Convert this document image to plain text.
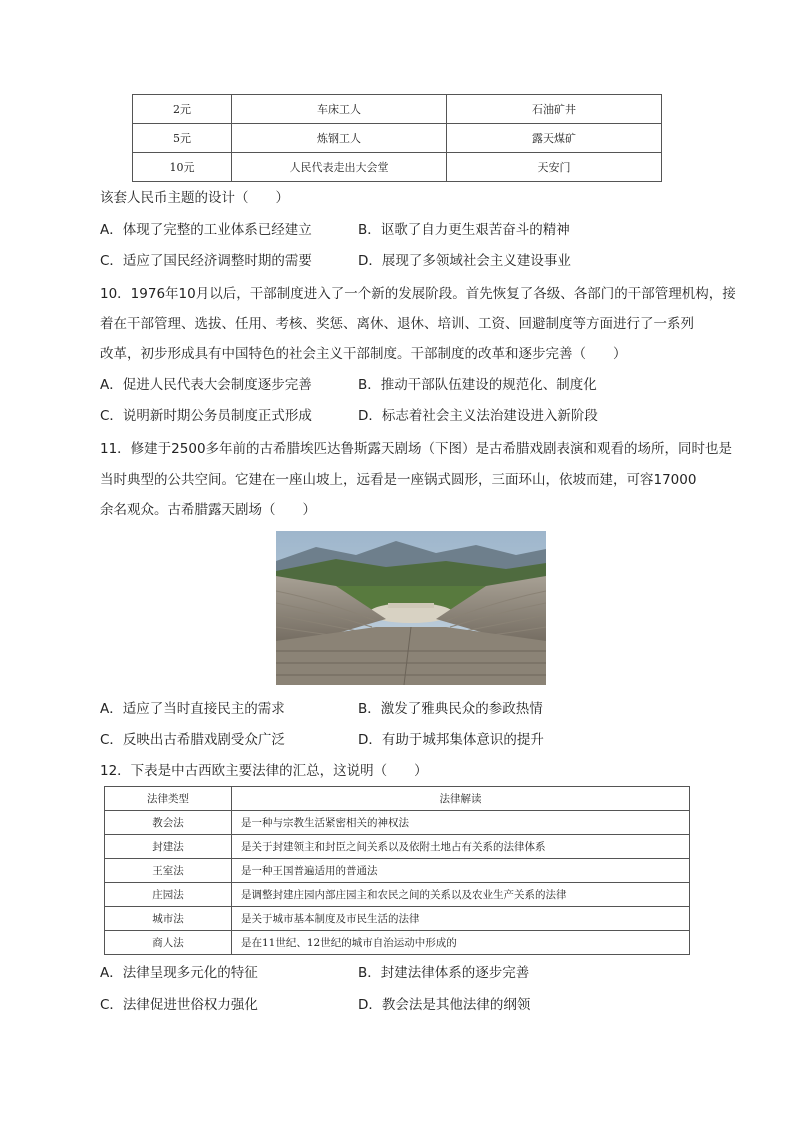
2元	车床工人	石油矿井
5元	炼钢工人	露天煤矿
10元	人民代表走出大会堂	天安门
该套人民币主题的设计（　　）
A．体现了完整的工业体系已经建立	B．讴歌了自力更生艰苦奋斗的精神
C．适应了国民经济调整时期的需要	D．展现了多领域社会主义建设事业
10．1976年10月以后，干部制度进入了一个新的发展阶段。首先恢复了各级、各部门的干部管理机构，接
着在干部管理、选拔、任用、考核、奖惩、离休、退休、培训、工资、回避制度等方面进行了一系列
改革，初步形成具有中国特色的社会主义干部制度。干部制度的改革和逐步完善（　　）
A．促进人民代表大会制度逐步完善	B．推动干部队伍建设的规范化、制度化
C．说明新时期公务员制度正式形成	D．标志着社会主义法治建设进入新阶段
11．修建于2500多年前的古希腊埃匹达鲁斯露天剧场（下图）是古希腊戏剧表演和观看的场所，同时也是
当时典型的公共空间。它建在一座山坡上，远看是一座锅式圆形，三面环山，依坡而建，可容17000
余名观众。古希腊露天剧场（　　）
A．适应了当时直接民主的需求	B．激发了雅典民众的参政热情
C．反映出古希腊戏剧受众广泛	D．有助于城邦集体意识的提升
12．下表是中古西欧主要法律的汇总，这说明（　　）
法律类型	法律解读
教会法	是一种与宗教生活紧密相关的神权法
封建法	是关于封建领主和封臣之间关系以及依附土地占有关系的法律体系
王室法	是一种王国普遍适用的普通法
庄园法	是调整封建庄园内部庄园主和农民之间的关系以及农业生产关系的法律
城市法	是关于城市基本制度及市民生活的法律
商人法	是在11世纪、12世纪的城市自治运动中形成的
A．法律呈现多元化的特征	B．封建法律体系的逐步完善
C．法律促进世俗权力强化	D．教会法是其他法律的纲领
